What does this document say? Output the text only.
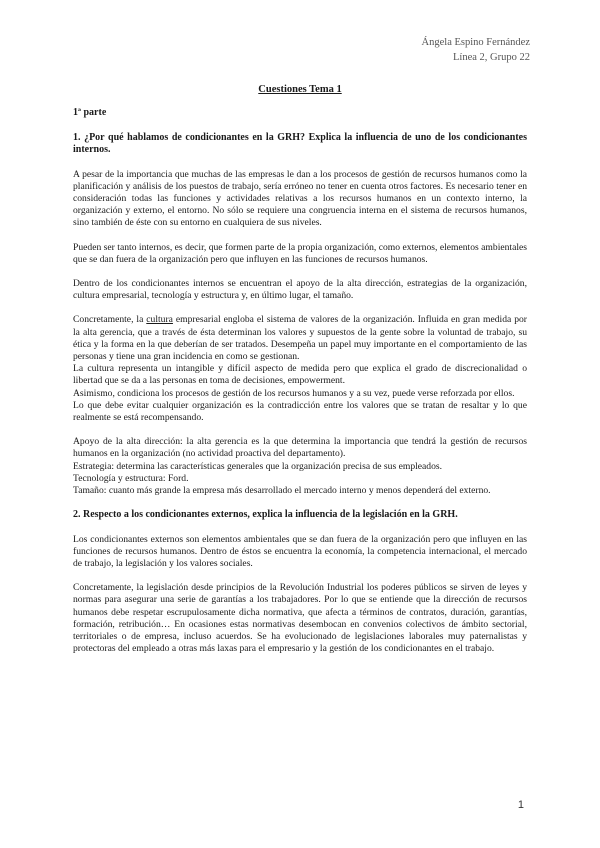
Ángela Espino Fernández
Línea 2, Grupo 22
Cuestiones Tema 1

1ª parte

1. ¿Por qué hablamos de condicionantes en la GRH? Explica la influencia de uno de los condicionantes internos.

A pesar de la importancia que muchas de las empresas le dan a los procesos de gestión de recursos humanos como la planificación y análisis de los puestos de trabajo, sería erróneo no tener en cuenta otros factores. Es necesario tener en consideración todas las funciones y actividades relativas a los recursos humanos en un contexto interno, la organización y externo, el entorno. No sólo se requiere una congruencia interna en el sistema de recursos humanos, sino también de éste con su entorno en cualquiera de sus niveles.

Pueden ser tanto internos, es decir, que formen parte de la propia organización, como externos, elementos ambientales que se dan fuera de la organización pero que influyen en las funciones de recursos humanos.

Dentro de los condicionantes internos se encuentran el apoyo de la alta dirección, estrategias de la organización, cultura empresarial, tecnología y estructura y, en último lugar, el tamaño.

Concretamente, la cultura empresarial engloba el sistema de valores de la organización. Influida en gran medida por la alta gerencia, que a través de ésta determinan los valores y supuestos de la gente sobre la voluntad de trabajo, su ética y la forma en la que deberían de ser tratados. Desempeña un papel muy importante en el comportamiento de las personas y tiene una gran incidencia en como se gestionan.

La cultura representa un intangible y difícil aspecto de medida pero que explica el grado de discrecionalidad o libertad que se da a las personas en toma de decisiones, empowerment.

Asimismo, condiciona los procesos de gestión de los recursos humanos y a su vez, puede verse reforzada por ellos.

Lo que debe evitar cualquier organización es la contradicción entre los valores que se tratan de resaltar y lo que realmente se está recompensando.

Apoyo de la alta dirección: la alta gerencia es la que determina la importancia que tendrá la gestión de recursos humanos en la organización (no actividad proactiva del departamento).

Estrategia: determina las características generales que la organización precisa de sus empleados.

Tecnología y estructura: Ford.

Tamaño: cuanto más grande la empresa más desarrollado el mercado interno y menos dependerá del externo.

2. Respecto a los condicionantes externos, explica la influencia de la legislación en la GRH.

Los condicionantes externos son elementos ambientales que se dan fuera de la organización pero que influyen en las funciones de recursos humanos. Dentro de éstos se encuentra la economía, la competencia internacional, el mercado de trabajo, la legislación y los valores sociales.

Concretamente, la legislación desde principios de la Revolución Industrial los poderes públicos se sirven de leyes y normas para asegurar una serie de garantías a los trabajadores. Por lo que se entiende que la dirección de recursos humanos debe respetar escrupulosamente dicha normativa, que afecta a términos de contratos, duración, garantías, formación, retribución… En ocasiones estas normativas desembocan en convenios colectivos de ámbito sectorial, territoriales o de empresa, incluso acuerdos. Se ha evolucionado de legislaciones laborales muy paternalistas y protectoras del empleado a otras más laxas para el empresario y la gestión de los condicionantes en el trabajo.

1
